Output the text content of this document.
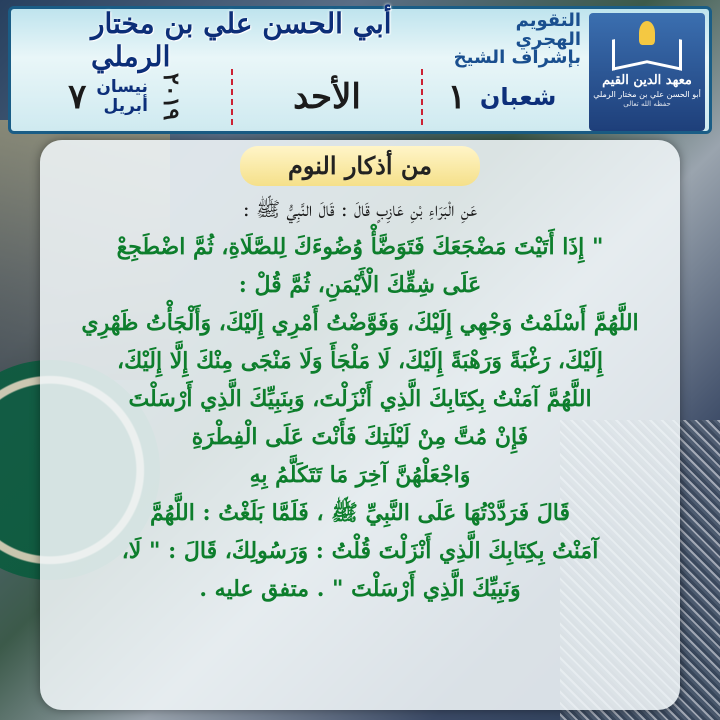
معهد الدين القيم
أبو الحسن علي بن مختار الرملي
حفظه الله تعالى
أبي الحسن علي بن مختار الرملي
التقويم الهجري
بإشراف الشيخ
١ شعبان
الأحد
٧ نيسان
أبريل ٢٠١٩
من أذكار النوم
عَنِ الْبَرَاءِ بْنِ عَازِبٍ قَالَ : قَالَ النَّبِيُّ ﷺ :
" إِذَا أَتَيْتَ مَضْجَعَكَ فَتَوَضَّأْ وُضُوءَكَ لِلصَّلَاةِ، ثُمَّ اضْطَجِعْ
عَلَى شِقِّكَ الْأَيْمَنِ، ثُمَّ قُلْ :
اللَّهُمَّ أَسْلَمْتُ وَجْهِي إِلَيْكَ، وَفَوَّضْتُ أَمْرِي إِلَيْكَ، وَأَلْجَأْتُ ظَهْرِي
إِلَيْكَ، رَغْبَةً وَرَهْبَةً إِلَيْكَ، لَا مَلْجَأَ وَلَا مَنْجَى مِنْكَ إِلَّا إِلَيْكَ،
اللَّهُمَّ آمَنْتُ بِكِتَابِكَ الَّذِي أَنْزَلْتَ، وَبِنَبِيِّكَ الَّذِي أَرْسَلْتَ
فَإِنْ مُتَّ مِنْ لَيْلَتِكَ فَأَنْتَ عَلَى الْفِطْرَةِ
وَاجْعَلْهُنَّ آخِرَ مَا تَتَكَلَّمُ بِهِ
قَالَ فَرَدَّدْتُهَا عَلَى النَّبِيِّ ﷺ ، فَلَمَّا بَلَغْتُ : اللَّهُمَّ
آمَنْتُ بِكِتَابِكَ الَّذِي أَنْزَلْتَ قُلْتُ : وَرَسُولِكَ، قَالَ : " لَا،
وَنَبِيِّكَ الَّذِي أَرْسَلْتَ " . متفق عليه .
